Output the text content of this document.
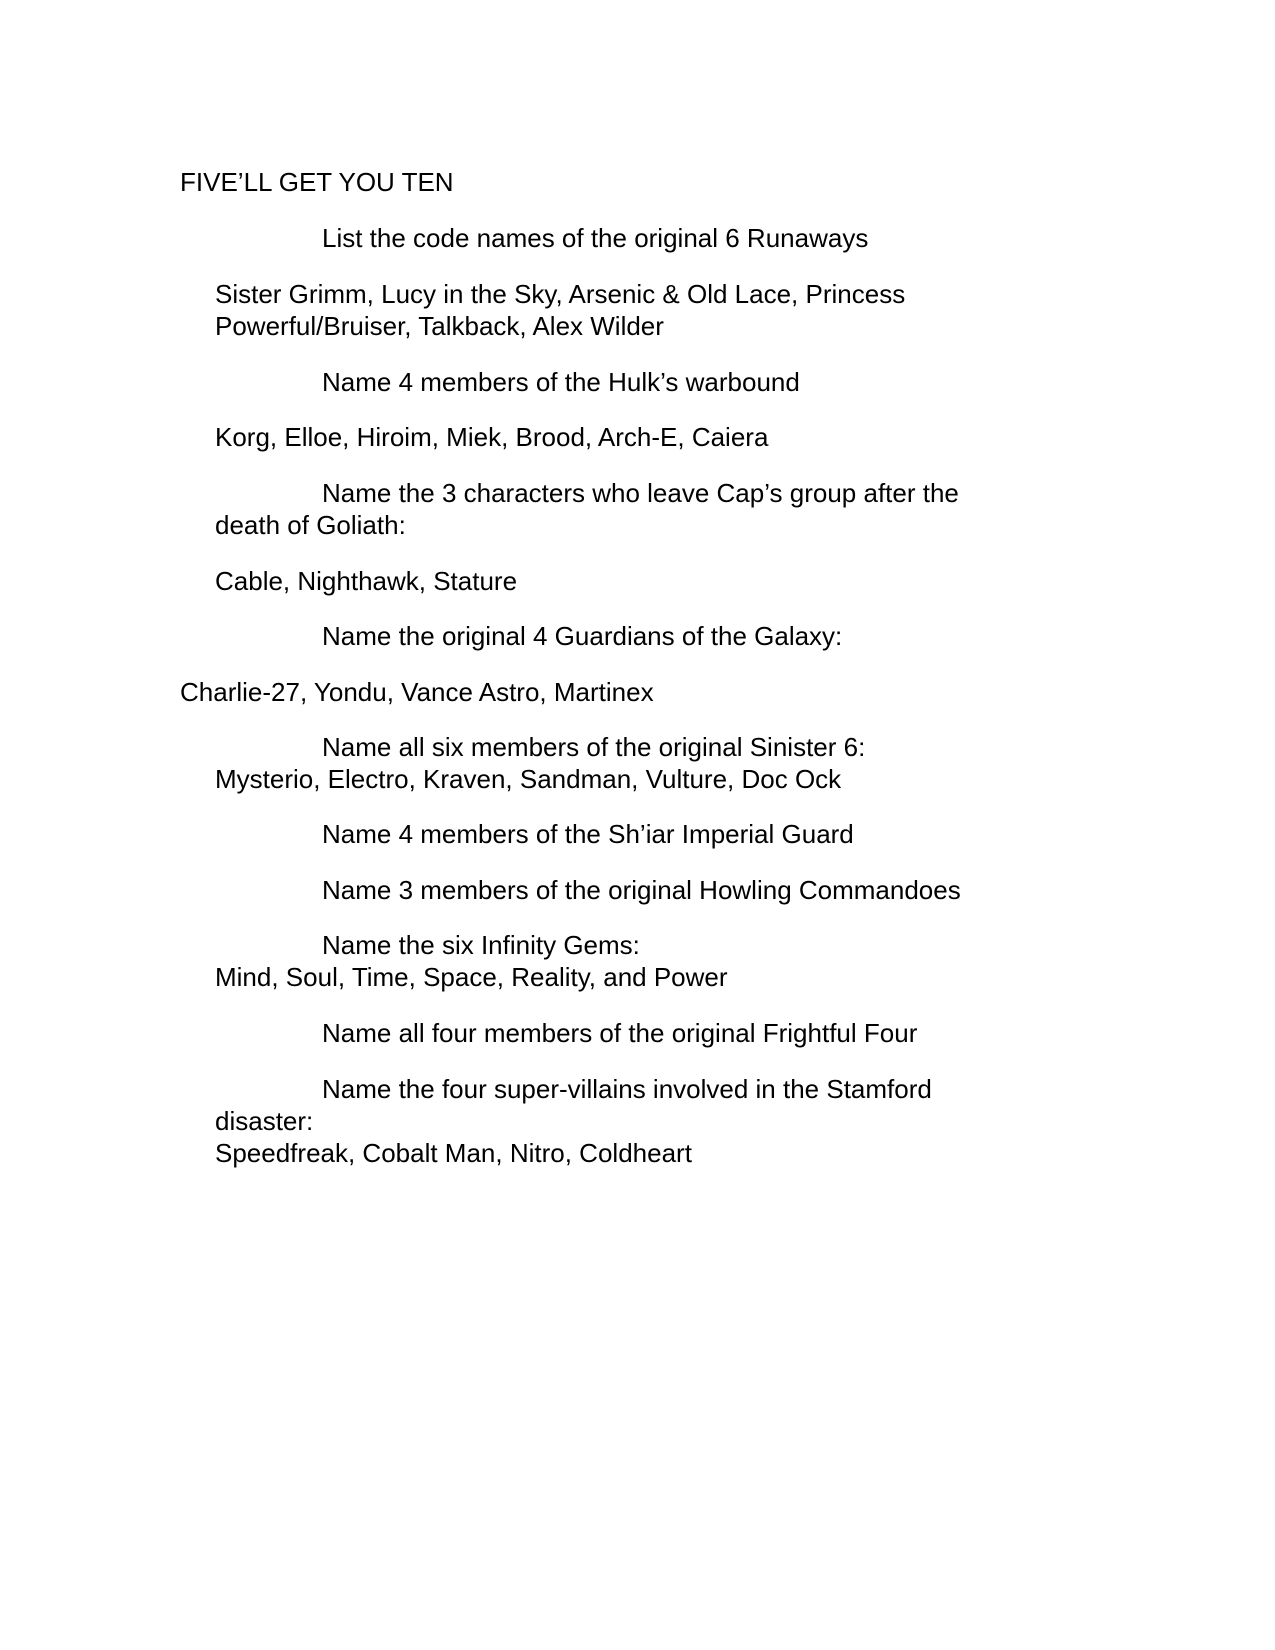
FIVE’LL GET YOU TEN

List the code names of the original 6 Runaways

Sister Grimm, Lucy in the Sky, Arsenic & Old Lace, Princess

Powerful/Bruiser, Talkback, Alex Wilder

Name 4 members of the Hulk’s warbound

Korg, Elloe, Hiroim, Miek, Brood, Arch-E, Caiera

Name the 3 characters who leave Cap’s group after the

death of Goliath:

Cable, Nighthawk, Stature

Name the original 4 Guardians of the Galaxy:

Charlie-27, Yondu, Vance Astro, Martinex

Name all six members of the original Sinister 6:

Mysterio, Electro, Kraven, Sandman, Vulture, Doc Ock

Name 4 members of the Sh’iar Imperial Guard

Name 3 members of the original Howling Commandoes

Name the six Infinity Gems:

Mind, Soul, Time, Space, Reality, and Power

Name all four members of the original Frightful Four

Name the four super-villains involved in the Stamford

disaster:

Speedfreak, Cobalt Man, Nitro, Coldheart
